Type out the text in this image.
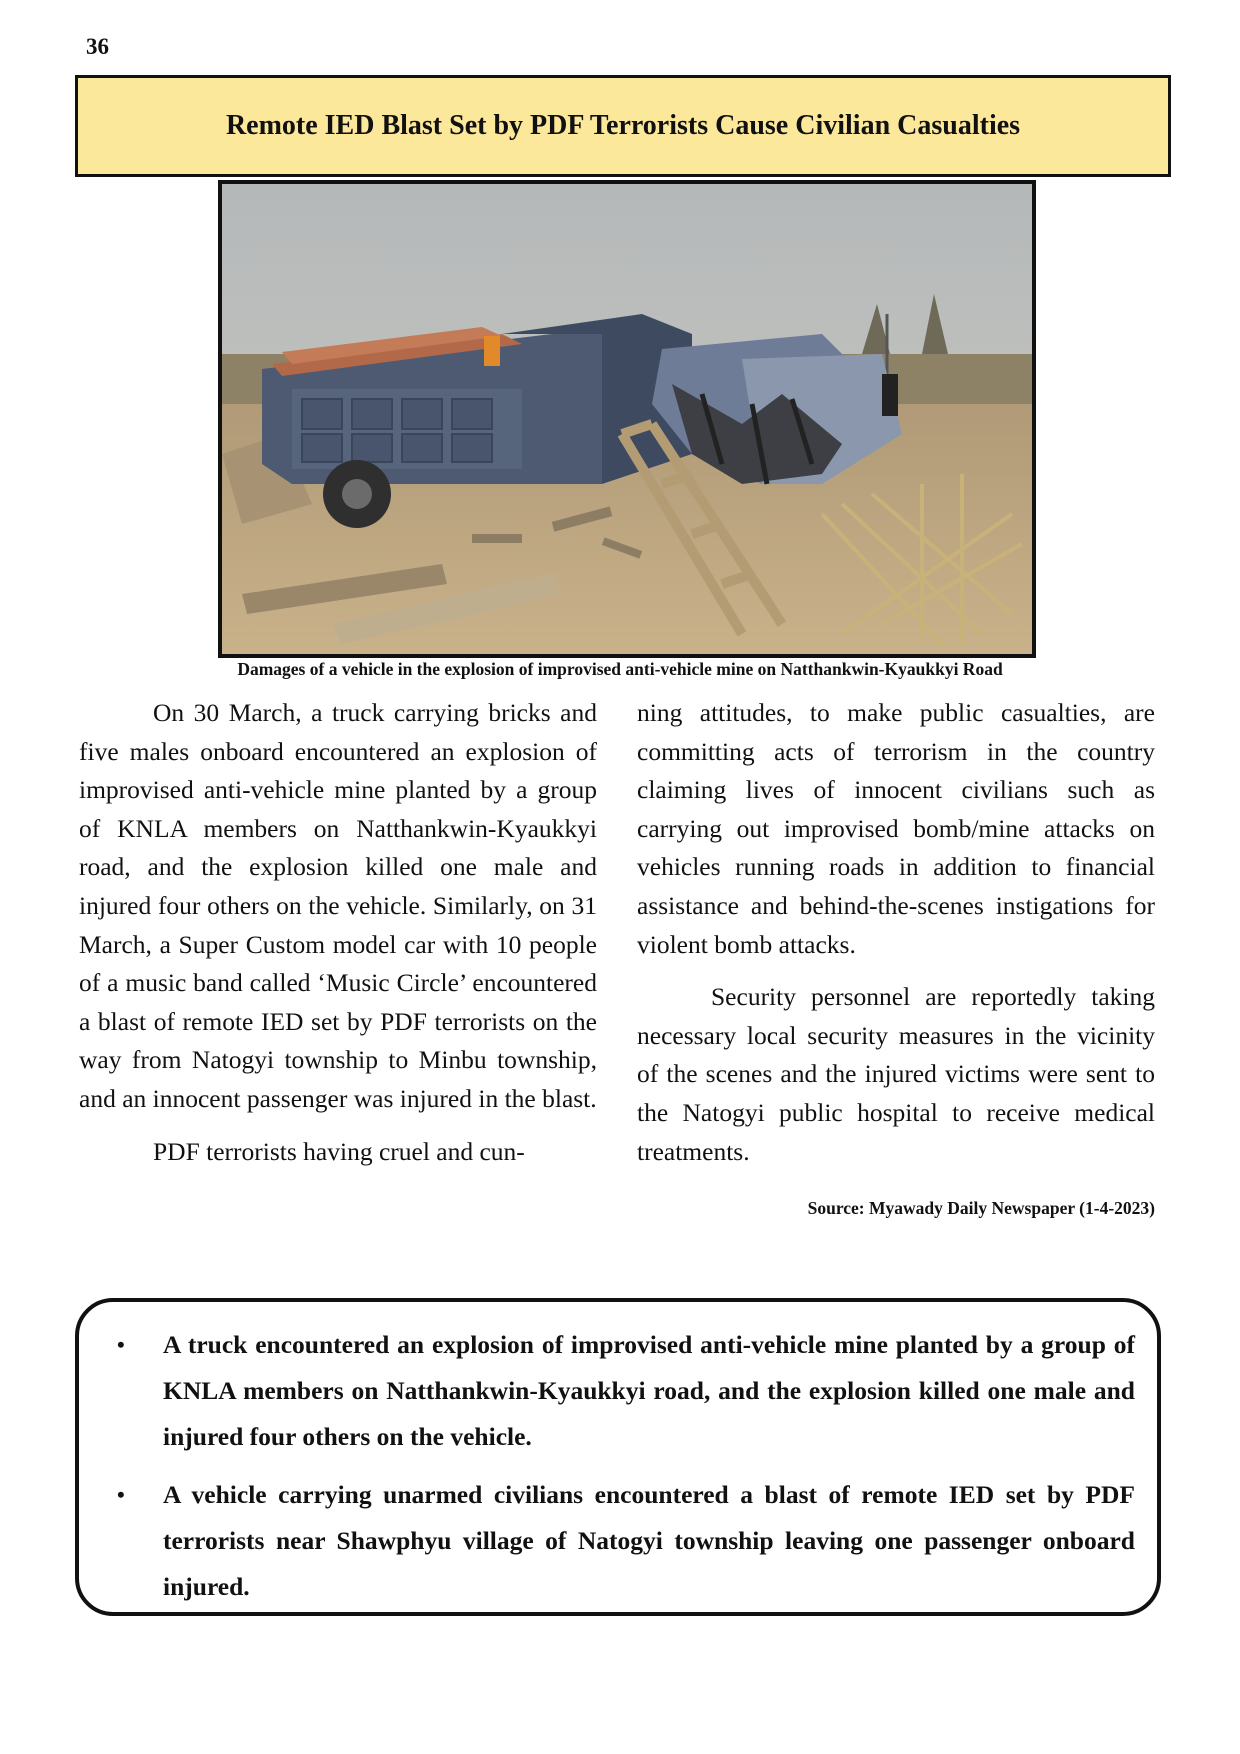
36
Remote IED Blast Set by PDF Terrorists Cause Civilian Casualties
Damages of a vehicle in the explosion of improvised anti-vehicle mine on Natthankwin-Kyaukkyi Road

On 30 March, a truck carrying bricks and five males onboard encountered an explosion of improvised anti-vehicle mine planted by a group of KNLA members on Natthankwin-Kyaukkyi road, and the explosion killed one male and injured four others on the vehicle. Similarly, on 31 March, a Super Custom model car with 10 people of a music band called ‘Music Circle’ encountered a blast of remote IED set by PDF terrorists on the way from Natogyi township to Minbu township, and an innocent passenger was injured in the blast.

PDF terrorists having cruel and cun-

ning attitudes, to make public casualties, are committing acts of terrorism in the country claiming lives of innocent civilians such as carrying out improvised bomb/mine attacks on vehicles running roads in addition to financial assistance and behind-the-scenes instigations for violent bomb attacks.

Security personnel are reportedly taking necessary local security measures in the vicinity of the scenes and the injured victims were sent to the Natogyi public hospital to receive medical treatments.

Source: Myawady Daily Newspaper (1-4-2023)
• A truck encountered an explosion of improvised anti-vehicle mine planted by a group of KNLA members on Natthankwin-Kyaukkyi road, and the explosion killed one male and injured four others on the vehicle.
• A vehicle carrying unarmed civilians encountered a blast of remote IED set by PDF terrorists near Shawphyu village of Natogyi township leaving one passenger onboard injured.
